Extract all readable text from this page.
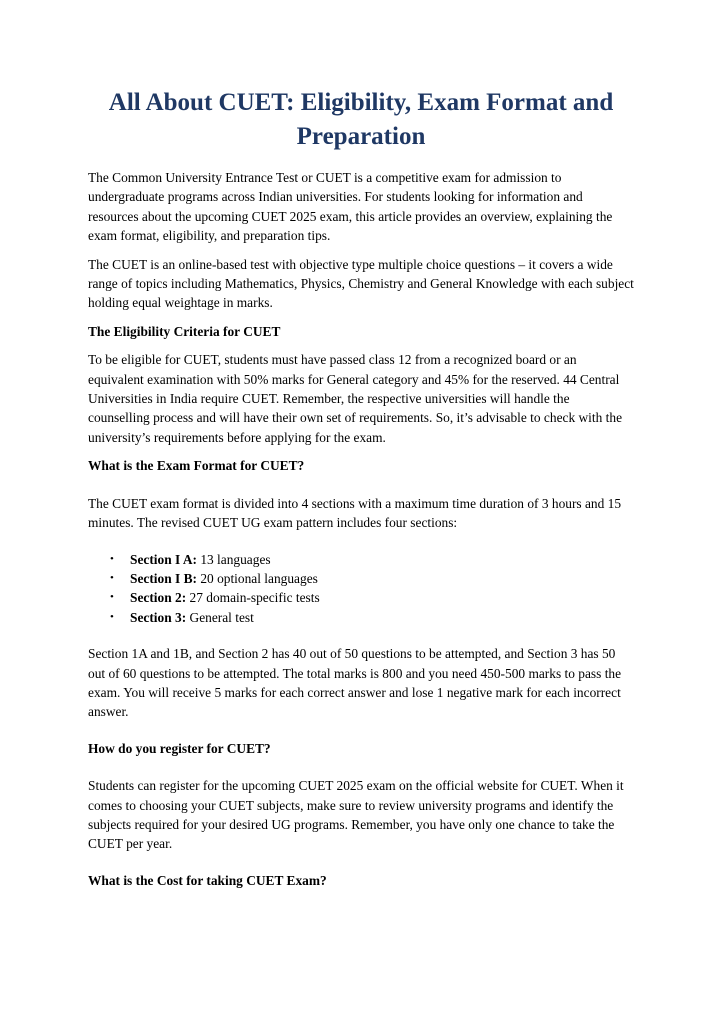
All About CUET: Eligibility, Exam Format and Preparation

The Common University Entrance Test or CUET is a competitive exam for admission to undergraduate programs across Indian universities. For students looking for information and resources about the upcoming CUET 2025 exam, this article provides an overview, explaining the exam format, eligibility, and preparation tips.

The CUET is an online-based test with objective type multiple choice questions – it covers a wide range of topics including Mathematics, Physics, Chemistry and General Knowledge with each subject holding equal weightage in marks.

The Eligibility Criteria for CUET

To be eligible for CUET, students must have passed class 12 from a recognized board or an equivalent examination with 50% marks for General category and 45% for the reserved. 44 Central Universities in India require CUET. Remember, the respective universities will handle the counselling process and will have their own set of requirements. So, it’s advisable to check with the university’s requirements before applying for the exam.

What is the Exam Format for CUET?

The CUET exam format is divided into 4 sections with a maximum time duration of 3 hours and 15 minutes. The revised CUET UG exam pattern includes four sections:

• Section I A: 13 languages
• Section I B: 20 optional languages
• Section 2: 27 domain-specific tests
• Section 3: General test

Section 1A and 1B, and Section 2 has 40 out of 50 questions to be attempted, and Section 3 has 50 out of 60 questions to be attempted. The total marks is 800 and you need 450-500 marks to pass the exam. You will receive 5 marks for each correct answer and lose 1 negative mark for each incorrect answer.

How do you register for CUET?

Students can register for the upcoming CUET 2025 exam on the official website for CUET. When it comes to choosing your CUET subjects, make sure to review university programs and identify the subjects required for your desired UG programs. Remember, you have only one chance to take the CUET per year.

What is the Cost for taking CUET Exam?
